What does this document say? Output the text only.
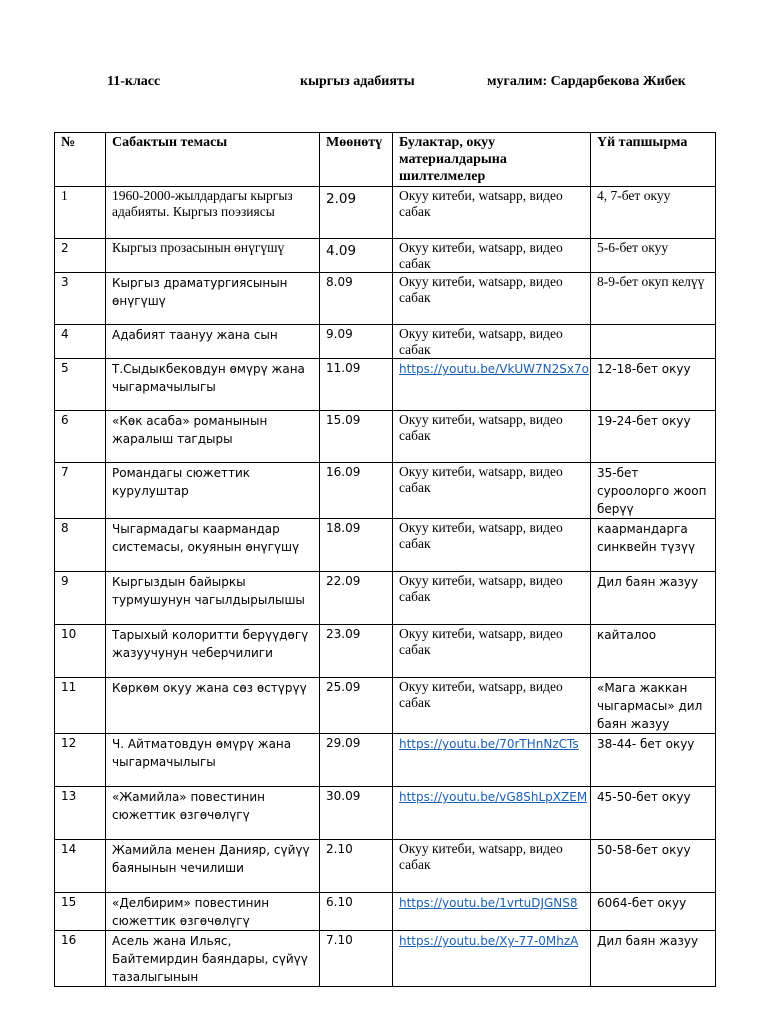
11-класс	кыргыз адабияты	мугалим: Сардарбекова Жибек
№	Сабактын темасы	Мөөнөтү	Булактар, окуу материалдарына шилтелмелер	Үй тапшырма
1	1960-2000-жылдардагы кыргыз адабияты. Кыргыз поэзиясы	2.09	Окуу китеби, watsapp, видео сабак	4, 7-бет окуу
2	Кыргыз прозасынын өнүгүшү	4.09	Окуу китеби, watsapp, видео сабак	5-6-бет окуу
3	Кыргыз драматургиясынын өнүгүшү	8.09	Окуу китеби, watsapp, видео сабак	8-9-бет окуп келүү
4	Адабият таануу жана сын	9.09	Окуу китеби, watsapp, видео сабак	
5	Т.Сыдыкбековдун өмүрү жана чыгармачылыгы	11.09	https://youtu.be/VkUW7N2Sx7o	12-18-бет окуу
6	«Көк асаба» романынын жаралыш тагдыры	15.09	Окуу китеби, watsapp, видео сабак	19-24-бет окуу
7	Романдагы сюжеттик курулуштар	16.09	Окуу китеби, watsapp, видео сабак	35-бет суроолорго жооп берүү
8	Чыгармадагы каармандар системасы, окуянын өнүгүшү	18.09	Окуу китеби, watsapp, видео сабак	каармандарга синквейн түзүү
9	Кыргыздын байыркы турмушунун чагылдырылышы	22.09	Окуу китеби, watsapp, видео сабак	Дил баян жазуу
10	Тарыхый колоритти берүүдөгү жазуучунун чеберчилиги	23.09	Окуу китеби, watsapp, видео сабак	кайталоо
11	Көркөм окуу жана сөз өстүрүү	25.09	Окуу китеби, watsapp, видео сабак	«Мага жаккан чыгармасы» дил баян жазуу
12	Ч. Айтматовдун өмүрү жана чыгармачылыгы	29.09	https://youtu.be/70rTHnNzCTs	38-44- бет окуу
13	«Жамийла» повестинин сюжеттик өзгөчөлүгү	30.09	https://youtu.be/vG8ShLpXZEM	45-50-бет окуу
14	Жамийла менен Данияр, сүйүү баянынын чечилиши	2.10	Окуу китеби, watsapp, видео сабак	50-58-бет окуу
15	«Делбирим» повестинин сюжеттик өзгөчөлүгү	6.10	https://youtu.be/1vrtuDJGNS8	6064-бет окуу
16	Асель жана Ильяс, Байтемирдин баяндары, сүйүү тазалыгынын	7.10	https://youtu.be/Xy-77-0MhzA	Дил баян жазуу
